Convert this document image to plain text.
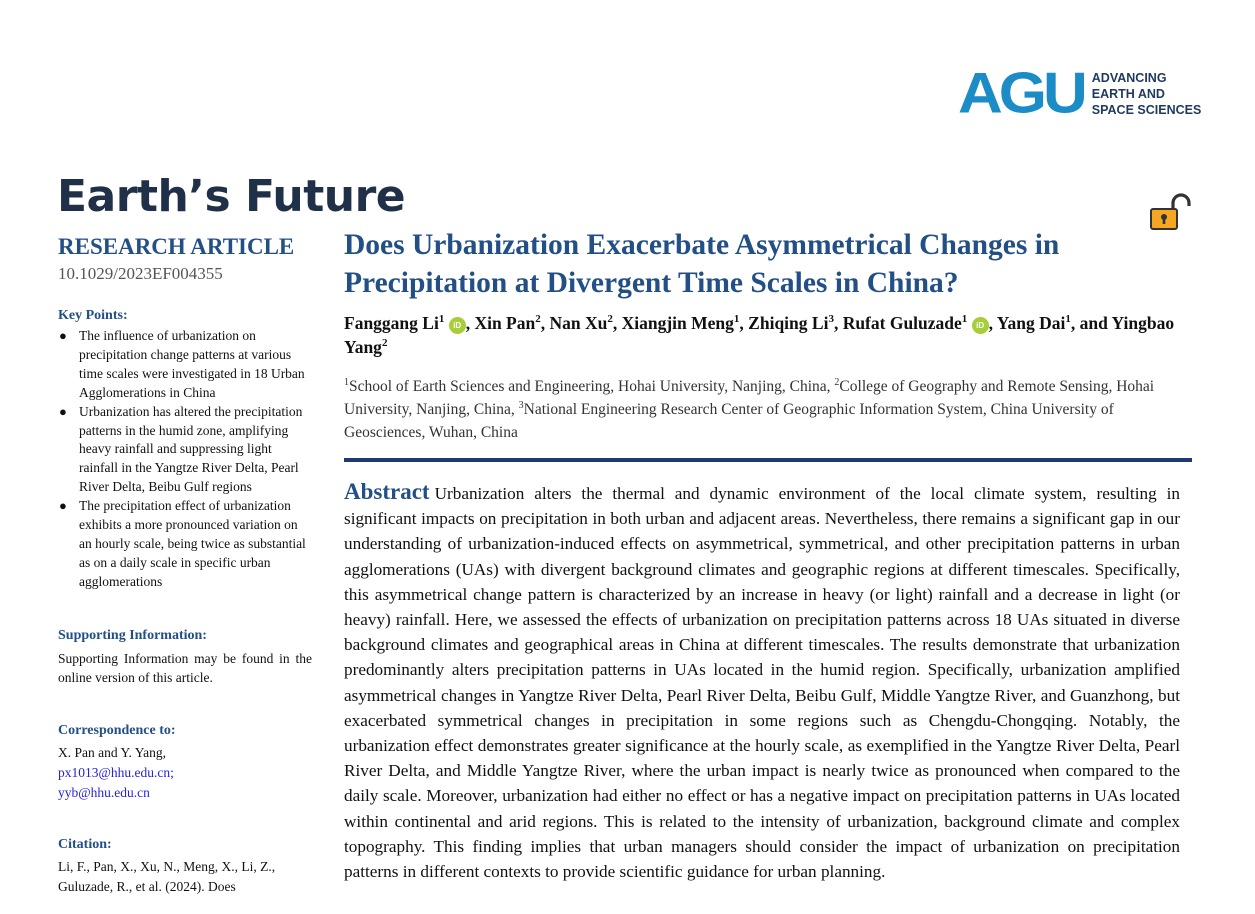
AGU ADVANCING
EARTH AND
SPACE SCIENCES
Earth’s Future
RESEARCH ARTICLE
10.1029/2023EF004355
Key Points:
● The influence of urbanization on precipitation change patterns at various time scales were investigated in 18 Urban Agglomerations in China
● Urbanization has altered the precipitation patterns in the humid zone, amplifying heavy rainfall and suppressing light rainfall in the Yangtze River Delta, Pearl River Delta, Beibu Gulf regions
● The precipitation effect of urbanization exhibits a more pronounced variation on an hourly scale, being twice as substantial as on a daily scale in specific urban agglomerations
Supporting Information:
Supporting Information may be found in the online version of this article.
Correspondence to:
X. Pan and Y. Yang,
px1013@hhu.edu.cn;
yyb@hhu.edu.cn
Citation:
Li, F., Pan, X., Xu, N., Meng, X., Li, Z.,
Guluzade, R., et al. (2024). Does
Does Urbanization Exacerbate Asymmetrical Changes in Precipitation at Divergent Time Scales in China?
Fanggang Li$^1$ iD , Xin Pan$^2$, Nan Xu$^2$, Xiangjin Meng$^1$, Zhiqing Li$^3$, Rufat Guluzade$^1$ iD , Yang Dai$^1$, and Yingbao Yang$^2$
$^1$School of Earth Sciences and Engineering, Hohai University, Nanjing, China, $^2$College of Geography and Remote Sensing, Hohai University, Nanjing, China, $^3$National Engineering Research Center of Geographic Information System, China University of Geosciences, Wuhan, China
Abstract Urbanization alters the thermal and dynamic environment of the local climate system, resulting in significant impacts on precipitation in both urban and adjacent areas. Nevertheless, there remains a significant gap in our understanding of urbanization-induced effects on asymmetrical, symmetrical, and other precipitation patterns in urban agglomerations (UAs) with divergent background climates and geographic regions at different timescales. Specifically, this asymmetrical change pattern is characterized by an increase in heavy (or light) rainfall and a decrease in light (or heavy) rainfall. Here, we assessed the effects of urbanization on precipitation patterns across 18 UAs situated in diverse background climates and geographical areas in China at different timescales. The results demonstrate that urbanization predominantly alters precipitation patterns in UAs located in the humid region. Specifically, urbanization amplified asymmetrical changes in Yangtze River Delta, Pearl River Delta, Beibu Gulf, Middle Yangtze River, and Guanzhong, but exacerbated symmetrical changes in precipitation in some regions such as Chengdu-Chongqing. Notably, the urbanization effect demonstrates greater significance at the hourly scale, as exemplified in the Yangtze River Delta, Pearl River Delta, and Middle Yangtze River, where the urban impact is nearly twice as pronounced when compared to the daily scale. Moreover, urbanization had either no effect or has a negative impact on precipitation patterns in UAs located within continental and arid regions. This is related to the intensity of urbanization, background climate and complex topography. This finding implies that urban managers should consider the impact of urbanization on precipitation patterns in different contexts to provide scientific guidance for urban planning.
